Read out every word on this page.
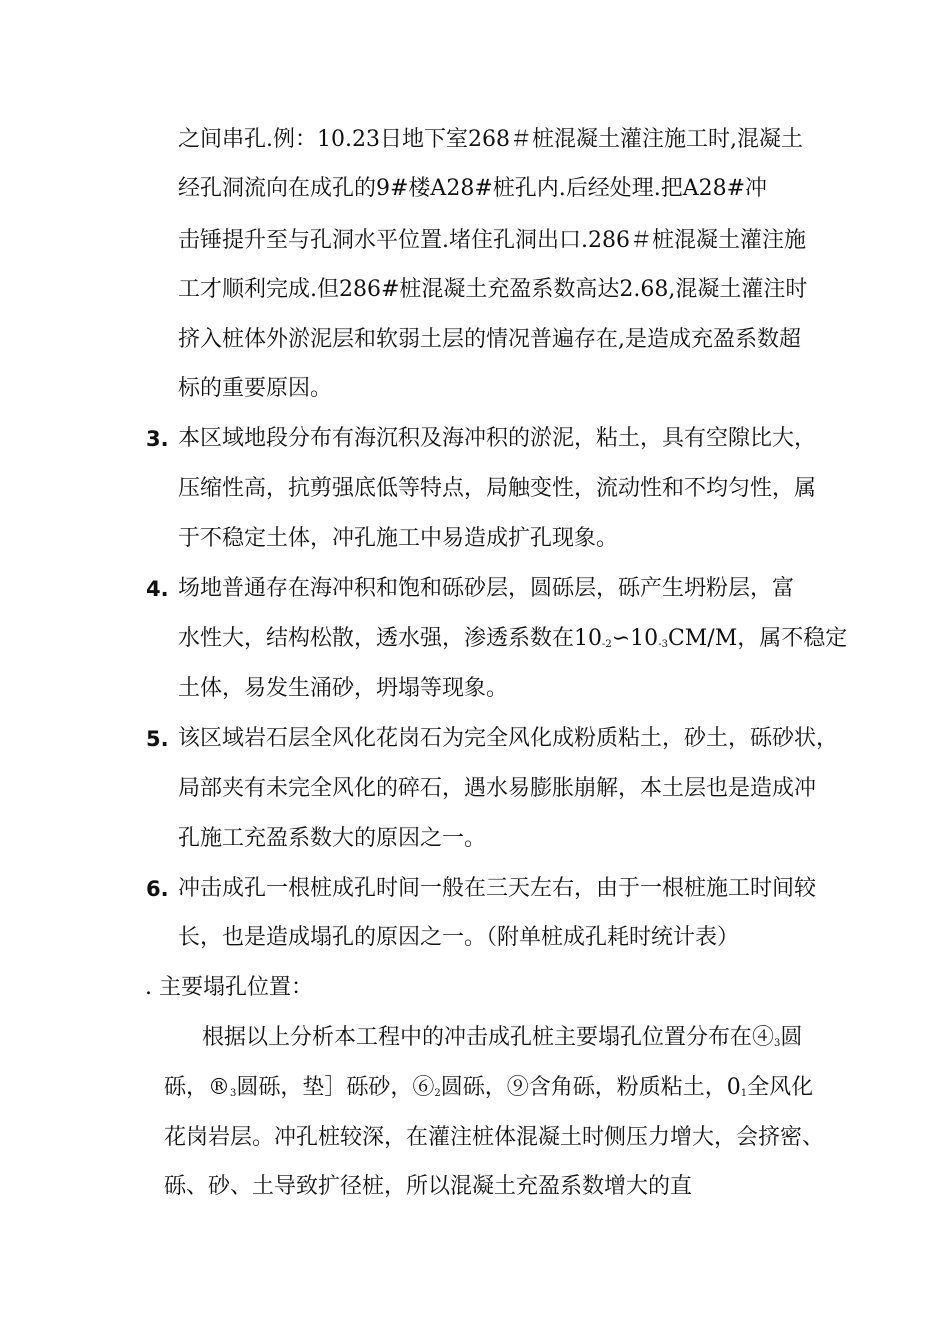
之间串孔.例：10.23日地下室268＃桩混凝土灌注施工时,混凝土
经孔洞流向在成孔的9#楼A28#桩孔内.后经处理.把A28#冲
击锤提升至与孔洞水平位置.堵住孔洞出口.286＃桩混凝土灌注施
工才顺利完成.但286#桩混凝土充盈系数高达2.68,混凝土灌注时
挤入桩体外淤泥层和软弱土层的情况普遍存在,是造成充盈系数超
标的重要原因。
3. 本区域地段分布有海沉积及海冲积的淤泥，粘土，具有空隙比大，
压缩性高，抗剪强底低等特点，局触变性，流动性和不均匀性，属
于不稳定土体，冲孔施工中易造成扩孔现象。
4. 场地普通存在海冲积和饱和砾砂层，圆砾层，砾产生坍粉层，富
水性大，结构松散，透水强，渗透系数在$10_{-2}∽10_{-3}CM/M$，属不稳定
土体，易发生涌砂，坍塌等现象。
5. 该区域岩石层全风化花岗石为完全风化成粉质粘土，砂土，砾砂状，
局部夹有未完全风化的碎石，遇水易膨胀崩解，本土层也是造成冲
孔施工充盈系数大的原因之一。
6. 冲击成孔一根桩成孔时间一般在三天左右，由于一根桩施工时间较
长，也是造成塌孔的原因之一。（附单桩成孔耗时统计表）
. 主要塌孔位置：
根据以上分析本工程中的冲击成孔桩主要塌孔位置分布在$④_3$圆
砾，$®_3$圆砾，垫］砾砂，$⑥_2$圆砾，⑨含角砾，粉质粘土，$0_1$全风化
花岗岩层。冲孔桩较深，在灌注桩体混凝土时侧压力增大，会挤密、
砾、砂、土导致扩径桩，所以混凝土充盈系数增大的直
